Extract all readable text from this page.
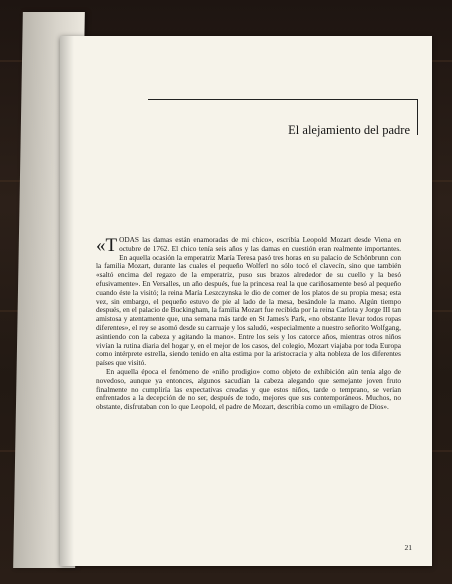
El alejamiento del padre

«TODAS las damas están enamoradas de mi chico», escribía Leopold Mozart desde Viena en octubre de 1762. El chico tenía seis años y las damas en cuestión eran realmente importantes. En aquella ocasión la emperatriz María Teresa pasó tres horas en su palacio de Schönbrunn con la familia Mozart, durante las cuales el pequeño Wolferl no sólo tocó el clavecín, sino que también «saltó encima del regazo de la emperatriz, puso sus brazos alrededor de su cuello y la besó efusivamente». En Versalles, un año después, fue la princesa real la que cariñosamente besó al pequeño cuando éste la visitó; la reina María Leszczynska le dio de comer de los platos de su propia mesa; esta vez, sin embargo, el pequeño estuvo de pie al lado de la mesa, besándole la mano. Algún tiempo después, en el palacio de Buckingham, la familia Mozart fue recibida por la reina Carlota y Jorge III tan amistosa y atentamente que, una semana más tarde en St James's Park, «no obstante llevar todos ropas diferentes», el rey se asomó desde su carruaje y los saludó, «especialmente a nuestro señorito Wolfgang, asintiendo con la cabeza y agitando la mano». Entre los seis y los catorce años, mientras otros niños vivían la rutina diaria del hogar y, en el mejor de los casos, del colegio, Mozart viajaba por toda Europa como intérprete estrella, siendo tenido en alta estima por la aristocracia y alta nobleza de los diferentes países que visitó.

En aquella época el fenómeno de «niño prodigio» como objeto de exhibición aún tenía algo de novedoso, aunque ya entonces, algunos sacudían la cabeza alegando que semejante joven fruto finalmente no cumpliría las expectativas creadas y que estos niños, tarde o temprano, se verían enfrentados a la decepción de no ser, después de todo, mejores que sus contemporáneos. Muchos, no obstante, disfrutaban con lo que Leopold, el padre de Mozart, describía como un «milagro de Dios».

21
